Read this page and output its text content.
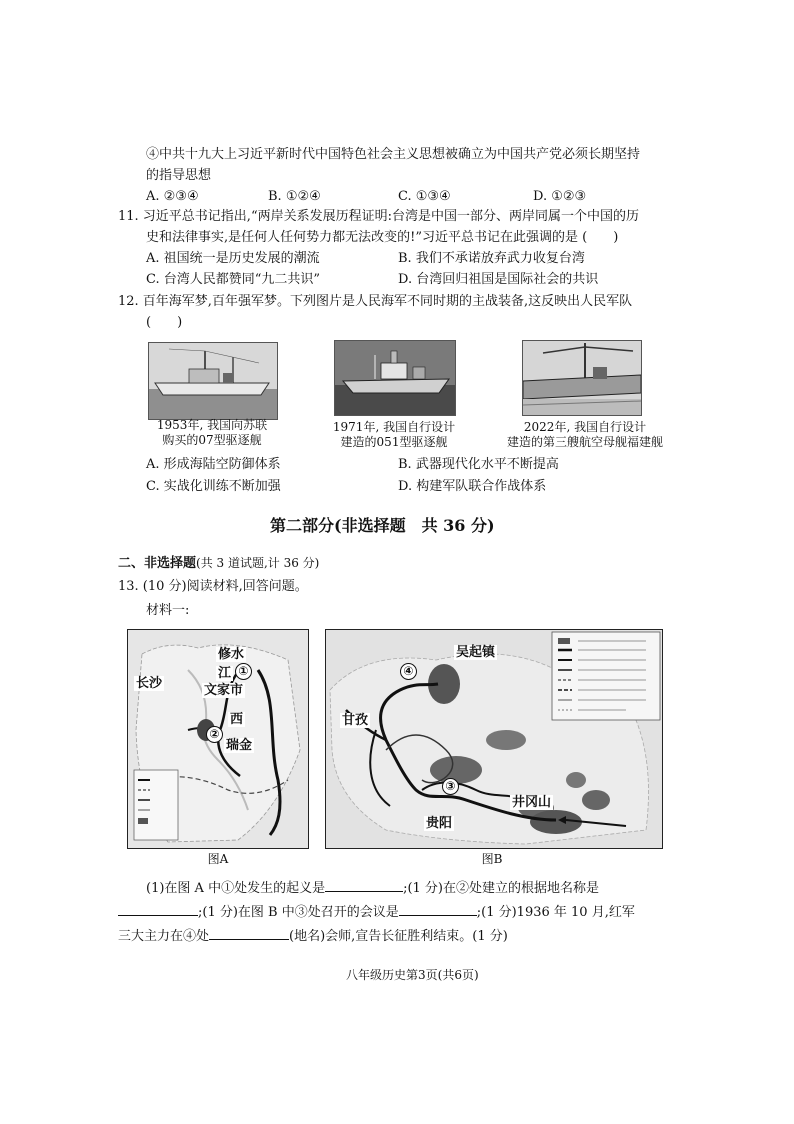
④中共十九大上习近平新时代中国特色社会主义思想被确立为中国共产党必须长期坚持
的指导思想
A. ②③④	B. ①②④	C. ①③④	D. ①②③
11. 习近平总书记指出,“两岸关系发展历程证明:台湾是中国一部分、两岸同属一个中国的历
史和法律事实,是任何人任何势力都无法改变的!”习近平总书记在此强调的是 (　　)
A. 祖国统一是历史发展的潮流	B. 我们不承诺放弃武力收复台湾
C. 台湾人民都赞同“九二共识”	D. 台湾回归祖国是国际社会的共识
12. 百年海军梦,百年强军梦。下列图片是人民海军不同时期的主战装备,这反映出人民军队
(　　)
1953年, 我国向苏联
购买的07型驱逐舰
1971年, 我国自行设计
建造的051型驱逐舰
2022年, 我国自行设计
建造的第三艘航空母舰福建舰
A. 形成海陆空防御体系	B. 武器现代化水平不断提高
C. 实战化训练不断加强	D. 构建军队联合作战体系
第二部分(非选择题　共 36 分)
二、非选择题(共 3 道试题,计 36 分)
13. (10 分)阅读材料,回答问题。
材料一:
修水
江 ①
长沙	文家市
西
②
瑞金
图A
吴起镇
④
甘孜
③
井冈山
贵阳
图B
(1)在图 A 中①处发生的起义是	;(1 分)在②处建立的根据地名称是
;(1 分)在图 B 中③处召开的会议是	;(1 分)1936 年 10 月,红军
三大主力在④处	(地名)会师,宣告长征胜利结束。(1 分)
八年级历史第3页(共6页)
